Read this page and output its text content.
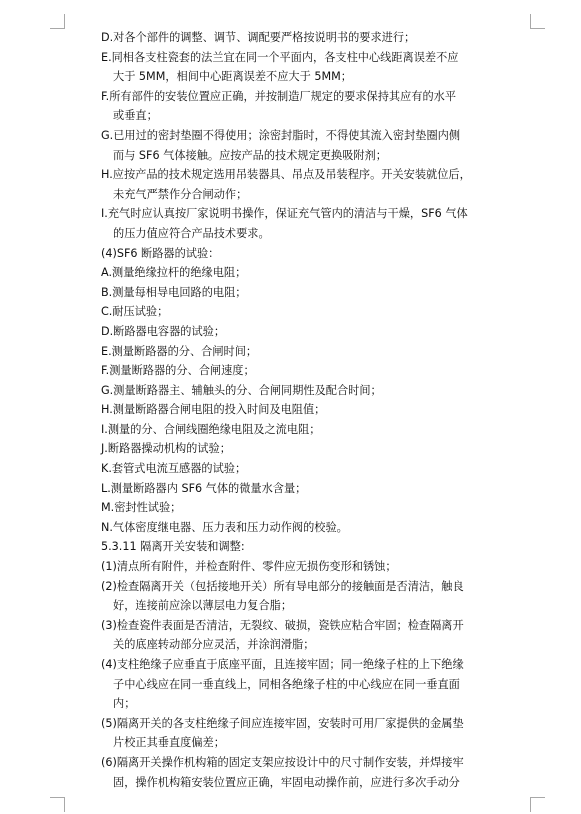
D.对各个部件的调整、调节、调配要严格按说明书的要求进行；
E.同相各支柱瓷套的法兰宜在同一个平面内，各支柱中心线距离误差不应
大于 5MM，相间中心距离误差不应大于 5MM；
F.所有部件的安装位置应正确，并按制造厂规定的要求保持其应有的水平
或垂直；
G.已用过的密封垫圈不得使用；涂密封脂时，不得使其流入密封垫圈内侧
而与 SF6 气体接触。应按产品的技术规定更换吸附剂；
H.应按产品的技术规定选用吊装器具、吊点及吊装程序。开关安装就位后，
未充气严禁作分合闸动作；
I.充气时应认真按厂家说明书操作，保证充气管内的清洁与干燥，SF6 气体
的压力值应符合产品技术要求。
(4)SF6 断路器的试验：
A.测量绝缘拉杆的绝缘电阻；
B.测量每相导电回路的电阻；
C.耐压试验；
D.断路器电容器的试验；
E.测量断路器的分、合闸时间；
F.测量断路器的分、合闸速度；
G.测量断路器主、辅触头的分、合闸同期性及配合时间；
H.测量断路器合闸电阻的投入时间及电阻值；
I.测量的分、合闸线圈绝缘电阻及之流电阻；
J.断路器操动机构的试验；
K.套管式电流互感器的试验；
L.测量断路器内 SF6 气体的微量水含量；
M.密封性试验；
N.气体密度继电器、压力表和压力动作阀的校验。
5.3.11 隔离开关安装和调整:
(1)清点所有附件，并检查附件、零件应无损伤变形和锈蚀；
(2)检查隔离开关（包括接地开关）所有导电部分的接触面是否清洁，触良
好，连接前应涂以薄层电力复合脂；
(3)检查瓷件表面是否清洁，无裂纹、破损，瓷铁应粘合牢固；检查隔离开
关的底座转动部分应灵活，并涂润滑脂；
(4)支柱绝缘子应垂直于底座平面，且连接牢固；同一绝缘子柱的上下绝缘
子中心线应在同一垂直线上，同相各绝缘子柱的中心线应在同一垂直面
内；
(5)隔离开关的各支柱绝缘子间应连接牢固，安装时可用厂家提供的金属垫
片校正其垂直度偏差；
(6)隔离开关操作机构箱的固定支架应按设计中的尺寸制作安装，并焊接牢
固，操作机构箱安装位置应正确，牢固电动操作前，应进行多次手动分
